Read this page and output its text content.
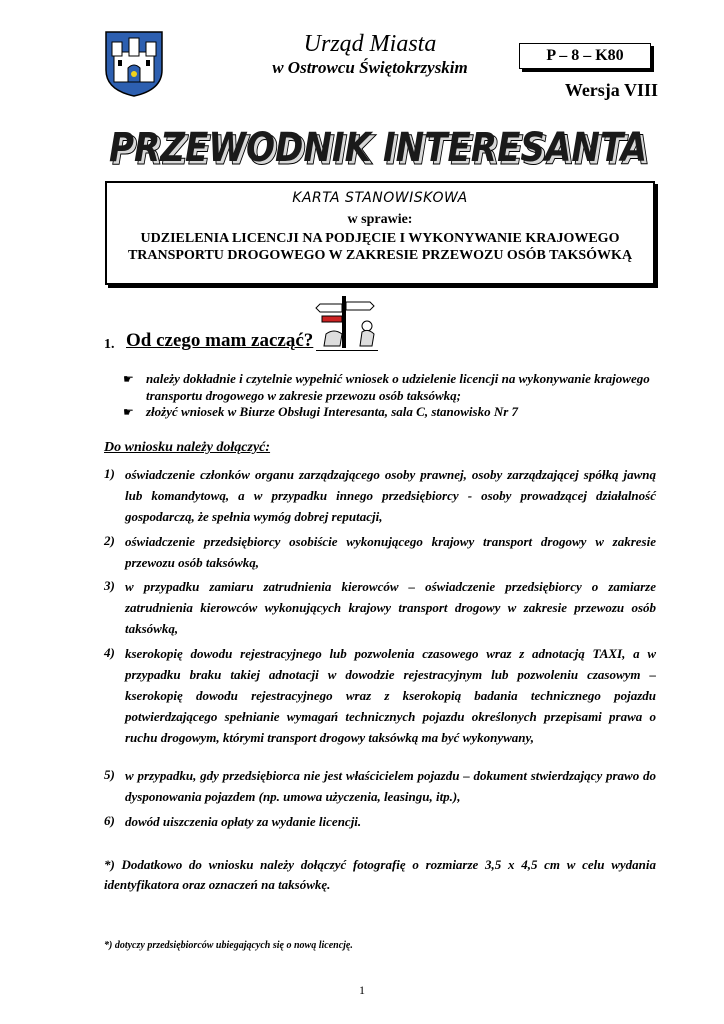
Urząd Miasta
w Ostrowcu Świętokrzyskim
P – 8 – K80
Wersja VIII
PRZEWODNIK INTERESANTA
PRZEWODNIK INTERESANTA
KARTA STANOWISKOWA
w sprawie:
UDZIELENIA LICENCJI NA PODJĘCIE I WYKONYWANIE KRAJOWEGO TRANSPORTU DROGOWEGO W ZAKRESIE PRZEWOZU OSÓB TAKSÓWKĄ
1. Od czego mam zacząć?
☛ należy dokładnie i czytelnie wypełnić wniosek o udzielenie licencji na wykonywanie krajowego transportu drogowego w zakresie przewozu osób taksówką;
☛ złożyć wniosek w Biurze Obsługi Interesanta, sala C, stanowisko Nr 7
Do wniosku należy dołączyć:
1) oświadczenie członków organu zarządzającego osoby prawnej, osoby zarządzającej spółką jawną lub komandytową, a w przypadku innego przedsiębiorcy - osoby prowadzącej działalność gospodarczą, że spełnia wymóg dobrej reputacji,
2) oświadczenie przedsiębiorcy osobiście wykonującego krajowy transport drogowy w zakresie przewozu osób taksówką,
3) w przypadku zamiaru zatrudnienia kierowców – oświadczenie przedsiębiorcy o zamiarze zatrudnienia kierowców wykonujących krajowy transport drogowy w zakresie przewozu osób taksówką,
4) kserokopię dowodu rejestracyjnego lub pozwolenia czasowego wraz z adnotacją TAXI, a w przypadku braku takiej adnotacji w dowodzie rejestracyjnym lub pozwoleniu czasowym – kserokopię dowodu rejestracyjnego wraz z kserokopią badania technicznego pojazdu potwierdzającego spełnianie wymagań technicznych pojazdu określonych przepisami prawa o ruchu drogowym, którymi transport drogowy taksówką ma być wykonywany,
5) w przypadku, gdy przedsiębiorca nie jest właścicielem pojazdu – dokument stwierdzający prawo do dysponowania pojazdem (np. umowa użyczenia, leasingu, itp.),
6) dowód uiszczenia opłaty za wydanie licencji.
*) Dodatkowo do wniosku należy dołączyć fotografię o rozmiarze 3,5 x 4,5 cm w celu wydania identyfikatora oraz oznaczeń na taksówkę.
*) dotyczy przedsiębiorców ubiegających się o nową licencję.
1
